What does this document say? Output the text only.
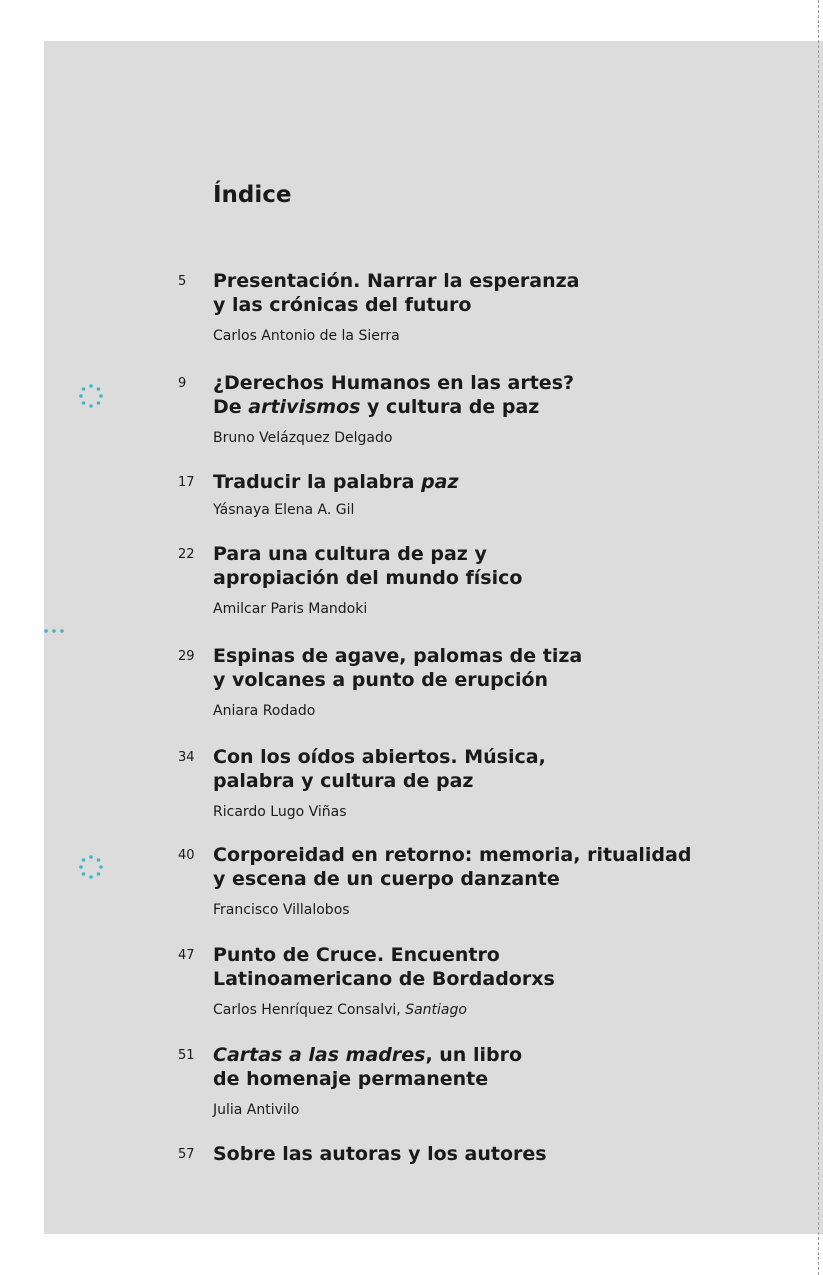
Índice
5 Presentación. Narrar la esperanza
y las crónicas del futuro

Carlos Antonio de la Sierra

9 ¿Derechos Humanos en las artes?
De artivismos y cultura de paz

Bruno Velázquez Delgado

17 Traducir la palabra paz

Yásnaya Elena A. Gil

22 Para una cultura de paz y
apropiación del mundo físico

Amilcar Paris Mandoki

29 Espinas de agave, palomas de tiza
y volcanes a punto de erupción

Aniara Rodado

34 Con los oídos abiertos. Música,
palabra y cultura de paz

Ricardo Lugo Viñas

40 Corporeidad en retorno: memoria, ritualidad
y escena de un cuerpo danzante

Francisco Villalobos

47 Punto de Cruce. Encuentro
Latinoamericano de Bordadorxs

Carlos Henríquez Consalvi, Santiago

51 Cartas a las madres, un libro
de homenaje permanente

Julia Antivilo

57 Sobre las autoras y los autores
